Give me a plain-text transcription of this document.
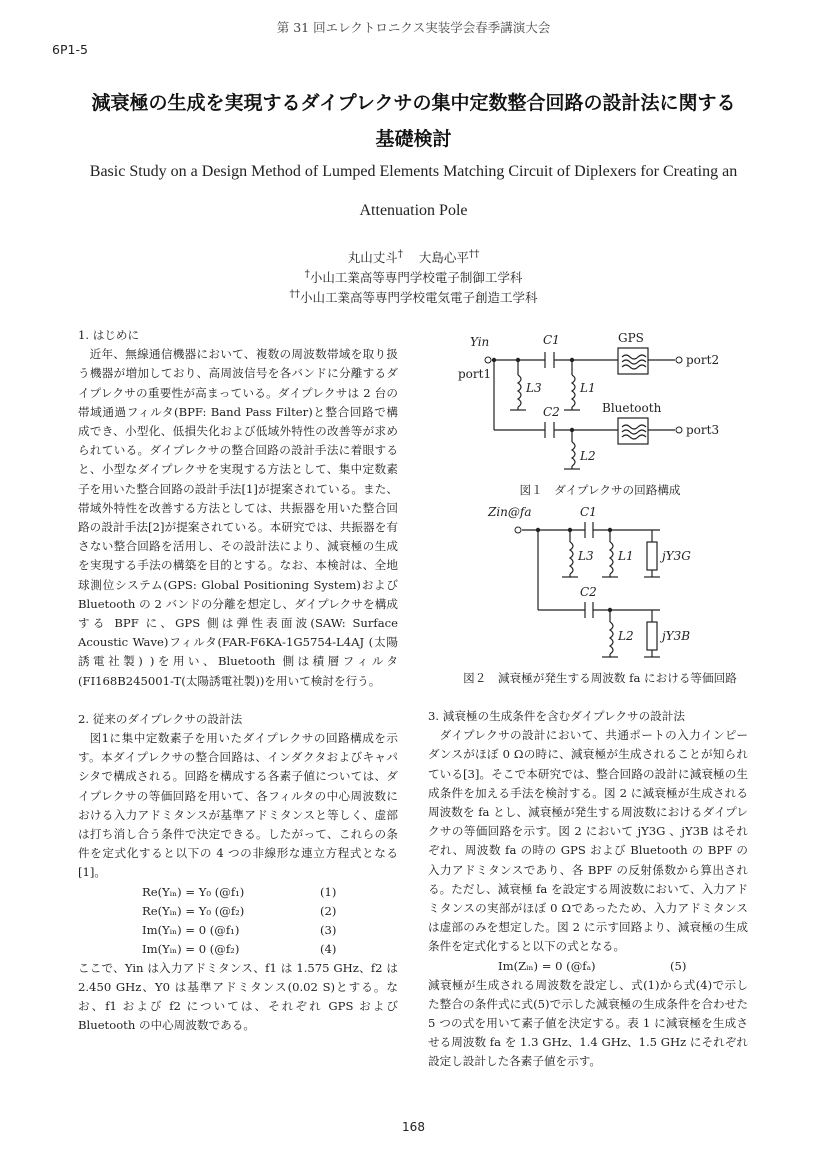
第 31 回エレクトロニクス実装学会春季講演大会
6P1-5
減衰極の生成を実現するダイプレクサの集中定数整合回路の設計法に関する
基礎検討
Basic Study on a Design Method of Lumped Elements Matching Circuit of Diplexers for Creating an
Attenuation Pole
丸山丈斗† 大島心平††
†小山工業高等専門学校電子制御工学科
††小山工業高等専門学校電気電子創造工学科

1. はじめに

近年、無線通信機器において、複数の周波数帯域を取り扱う機器が増加しており、高周波信号を各バンドに分離するダイプレクサの重要性が高まっている。ダイプレクサは 2 台の帯域通過フィルタ(BPF: Band Pass Filter)と整合回路で構成でき、小型化、低損失化および低域外特性の改善等が求められている。ダイプレクサの整合回路の設計手法に着眼すると、小型なダイプレクサを実現する方法として、集中定数素子を用いた整合回路の設計手法[1]が提案されている。また、帯域外特性を改善する方法としては、共振器を用いた整合回路の設計手法[2]が提案されている。本研究では、共振器を有さない整合回路を活用し、その設計法により、減衰極の生成を実現する手法の構築を目的とする。なお、本検討は、全地球測位システム(GPS: Global Positioning System)および Bluetooth の 2 バンドの分離を想定し、ダイプレクサを構成する BPF に、GPS 側は弾性表面波(SAW: Surface Acoustic Wave)フィルタ(FAR-F6KA-1G5754-L4AJ (太陽誘電社製) )を用い、Bluetooth 側は積層フィルタ(FI168B245001-T(太陽誘電社製))を用いて検討を行う。

2. 従来のダイプレクサの設計法

図1に集中定数素子を用いたダイプレクサの回路構成を示す。本ダイプレクサの整合回路は、インダクタおよびキャパシタで構成される。回路を構成する各素子値については、ダイプレクサの等価回路を用いて、各フィルタの中心周波数における入力アドミタンスが基準アドミタンスと等しく、虚部は打ち消し合う条件で決定できる。したがって、これらの条件を定式化すると以下の 4 つの非線形な連立方程式となる[1]。

Re(Yᵢₙ) = Y₀ (@f₁)	(1)
Re(Yᵢₙ) = Y₀ (@f₂)	(2)
Im(Yᵢₙ) = 0 (@f₁)	(3)
Im(Yᵢₙ) = 0 (@f₂)	(4)

ここで、Yin は入力アドミタンス、f1 は 1.575 GHz、f2 は 2.450 GHz、Y0 は基準アドミタンス(0.02 S)とする。なお、f1 および f2 については、それぞれ GPS および Bluetooth の中心周波数である。

Yin
port1
port2
port3
C1
C2
L3	L1
L2
GPS
Bluetooth
図１　ダイプレクサの回路構成
Zin@fa	C1
C2
L3 L1
L2
jY3G
jY3B
図２　減衰極が発生する周波数 fa における等価回路

3. 減衰極の生成条件を含むダイプレクサの設計法

ダイプレクサの設計において、共通ポートの入力インピーダンスがほぼ 0 Ωの時に、減衰極が生成されることが知られている[3]。そこで本研究では、整合回路の設計に減衰極の生成条件を加える手法を検討する。図 2 に減衰極が生成される周波数を fa とし、減衰極が発生する周波数におけるダイプレクサの等価回路を示す。図 2 において jY3G 、jY3B はそれぞれ、周波数 fa の時の GPS および Bluetooth の BPF の入力アドミタンスであり、各 BPF の反射係数から算出される。ただし、減衰極 fa を設定する周波数において、入力アドミタンスの実部がほぼ 0 Ωであったため、入力アドミタンスは虚部のみを想定した。図 2 に示す回路より、減衰極の生成条件を定式化すると以下の式となる。

Im(Zᵢₙ) = 0 (@fₐ)	(5)

減衰極が生成される周波数を設定し、式(1)から式(4)で示した整合の条件式に式(5)で示した減衰極の生成条件を合わせた 5 つの式を用いて素子値を決定する。表 1 に減衰極を生成させる周波数 fa を 1.3 GHz、1.4 GHz、1.5 GHz にそれぞれ設定し設計した各素子値を示す。

168
